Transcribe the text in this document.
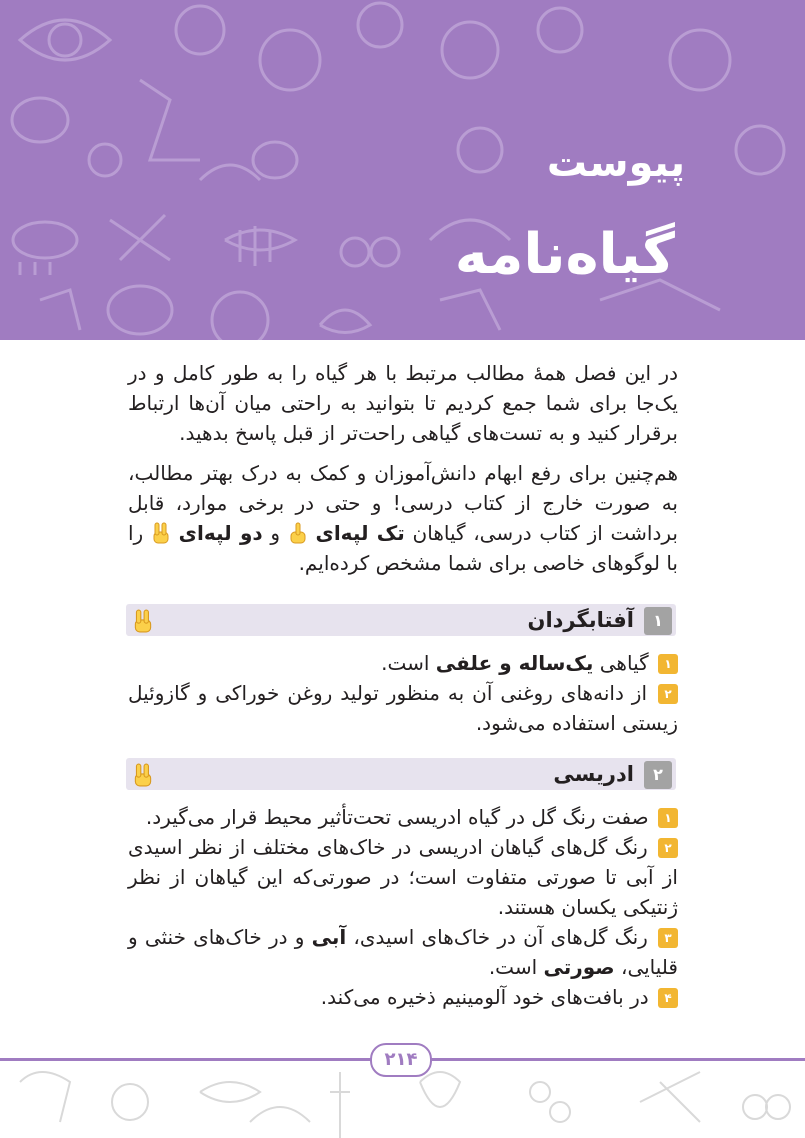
پیوست
گیاه‌نامه

در این فصل همهٔ مطالب مرتبط با هر گیاه را به طور کامل و در یک‌جا برای شما جمع کردیم تا بتوانید به راحتی میان آن‌ها ارتباط برقرار کنید و به تست‌های گیاهی راحت‌تر از قبل پاسخ بدهید.

هم‌چنین برای رفع ابهام دانش‌آموزان و کمک به درک بهتر مطالب، به صورت خارج از کتاب درسی! و حتی در برخی موارد، قابل برداشت از کتاب درسی، گیاهان تک لپه‌ای  و دو لپه‌ای  را با لوگوهای خاصی برای شما مشخص کرده‌ایم.

۱
آفتابگردان

۱ گیاهی یک‌ساله و علفی است.

۲ از دانه‌های روغنی آن به منظور تولید روغن خوراکی و گازوئیل زیستی استفاده می‌شود.

۲
ادریسی

۱ صفت رنگ گل در گیاه ادریسی تحت‌تأثیر محیط قرار می‌گیرد.

۲ رنگ گل‌های گیاهان ادریسی در خاک‌های مختلف از نظر اسیدی از آبی تا صورتی متفاوت است؛ در صورتی‌که این گیاهان از نظر ژنتیکی یکسان هستند.

۳ رنگ گل‌های آن در خاک‌های اسیدی، آبی و در خاک‌های خنثی و قلیایی، صورتی است.

۴ در بافت‌های خود آلومینیم ذخیره می‌کند.

۲۱۴
